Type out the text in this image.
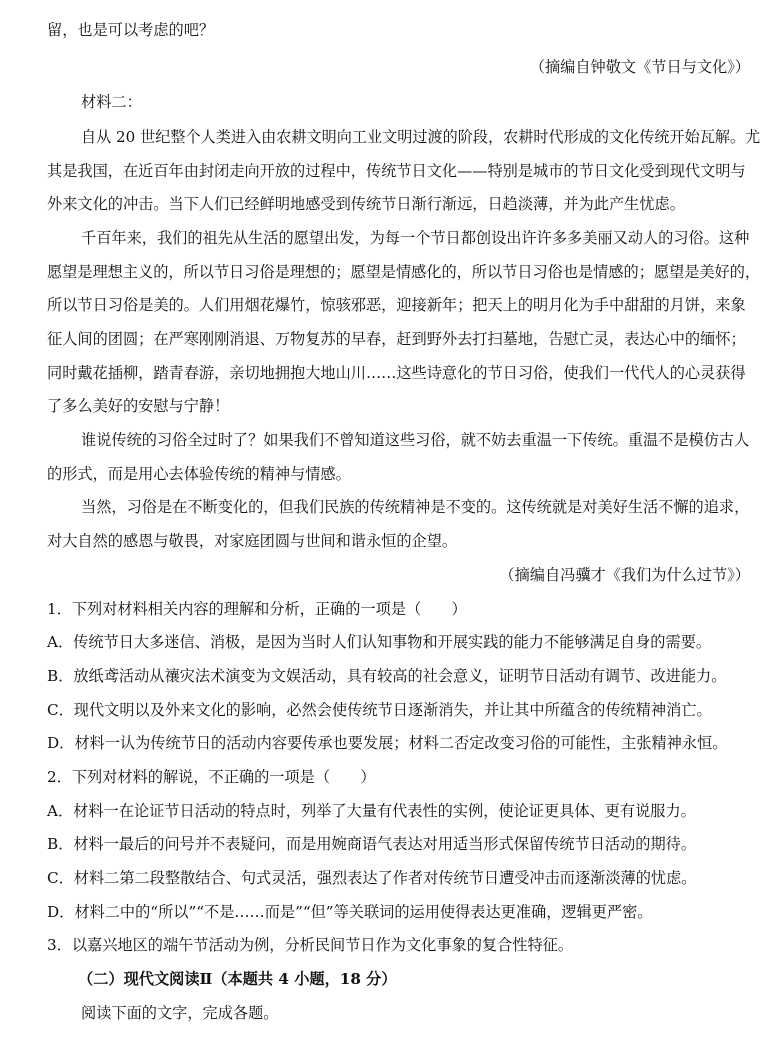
留，也是可以考虑的吧？
（摘编自钟敬文《节日与文化》）
材料二：
自从 20 世纪整个人类进入由农耕文明向工业文明过渡的阶段，农耕时代形成的文化传统开始瓦解。尤
其是我国，在近百年由封闭走向开放的过程中，传统节日文化——特别是城市的节日文化受到现代文明与
外来文化的冲击。当下人们已经鲜明地感受到传统节日渐行渐远，日趋淡薄，并为此产生忧虑。
千百年来，我们的祖先从生活的愿望出发，为每一个节日都创设出许许多多美丽又动人的习俗。这种
愿望是理想主义的，所以节日习俗是理想的；愿望是情感化的，所以节日习俗也是情感的；愿望是美好的，
所以节日习俗是美的。人们用烟花爆竹，惊骇邪恶，迎接新年；把天上的明月化为手中甜甜的月饼，来象
征人间的团圆；在严寒刚刚消退、万物复苏的早春，赶到野外去打扫墓地，告慰亡灵，表达心中的缅怀；
同时戴花插柳，踏青春游，亲切地拥抱大地山川……这些诗意化的节日习俗，使我们一代代人的心灵获得
了多么美好的安慰与宁静！
谁说传统的习俗全过时了？如果我们不曾知道这些习俗，就不妨去重温一下传统。重温不是模仿古人
的形式，而是用心去体验传统的精神与情感。
当然，习俗是在不断变化的，但我们民族的传统精神是不变的。这传统就是对美好生活不懈的追求，
对大自然的感恩与敬畏，对家庭团圆与世间和谐永恒的企望。
（摘编自冯骥才《我们为什么过节》）
1．下列对材料相关内容的理解和分析，正确的一项是（　　）
A．传统节日大多迷信、消极，是因为当时人们认知事物和开展实践的能力不能够满足自身的需要。
B．放纸鸢活动从禳灾法术演变为文娱活动，具有较高的社会意义，证明节日活动有调节、改进能力。
C．现代文明以及外来文化的影响，必然会使传统节日逐渐消失，并让其中所蕴含的传统精神消亡。
D．材料一认为传统节日的活动内容要传承也要发展；材料二否定改变习俗的可能性，主张精神永恒。
2．下列对材料的解说，不正确的一项是（　　）
A．材料一在论证节日活动的特点时，列举了大量有代表性的实例，使论证更具体、更有说服力。
B．材料一最后的问号并不表疑问，而是用婉商语气表达对用适当形式保留传统节日活动的期待。
C．材料二第二段整散结合、句式灵活，强烈表达了作者对传统节日遭受冲击而逐渐淡薄的忧虑。
D．材料二中的“所以”“不是……而是”“但”等关联词的运用使得表达更准确，逻辑更严密。
3．以嘉兴地区的端午节活动为例，分析民间节日作为文化事象的复合性特征。
（二）现代文阅读Ⅱ（本题共 4 小题，18 分）
阅读下面的文字，完成各题。
